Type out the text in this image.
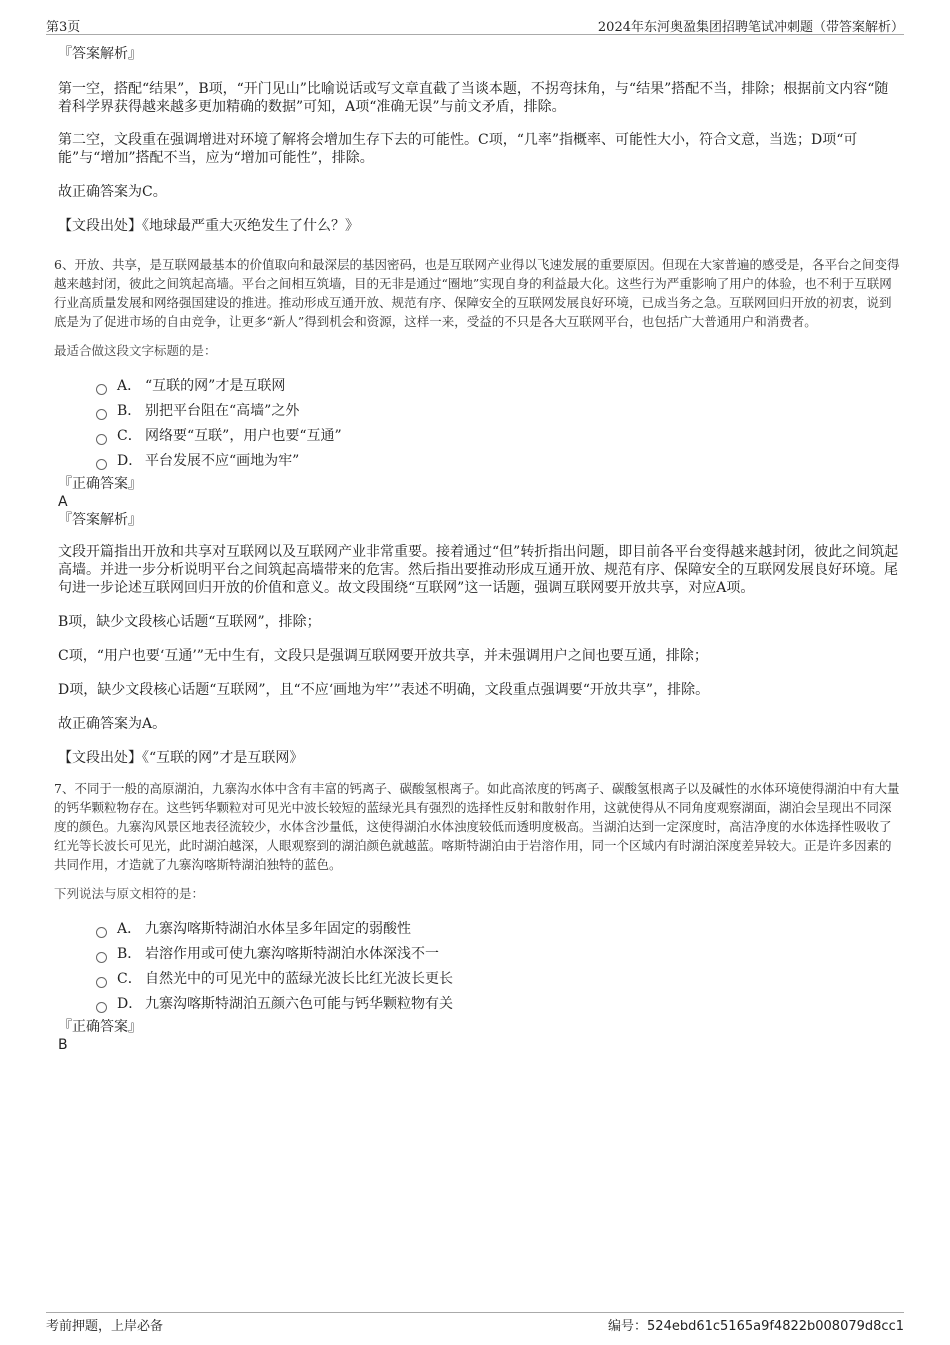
第3页	2024年东河奥盈集团招聘笔试冲刺题（带答案解析）
『答案解析』

第一空，搭配“结果”，B项，“开门见山”比喻说话或写文章直截了当谈本题，不拐弯抹角，与“结果”搭配不当，排除；根据前文内容“随着科学界获得越来越多更加精确的数据”可知，A项“准确无误”与前文矛盾，排除。

第二空，文段重在强调增进对环境了解将会增加生存下去的可能性。C项，“几率”指概率、可能性大小，符合文意，当选；D项“可能”与“增加”搭配不当，应为“增加可能性”，排除。

故正确答案为C。

【文段出处】《地球最严重大灭绝发生了什么？》

6、开放、共享，是互联网最基本的价值取向和最深层的基因密码，也是互联网产业得以飞速发展的重要原因。但现在大家普遍的感受是，各平台之间变得越来越封闭，彼此之间筑起高墙。平台之间相互筑墙，目的无非是通过“圈地”实现自身的利益最大化。这些行为严重影响了用户的体验，也不利于互联网行业高质量发展和网络强国建设的推进。推动形成互通开放、规范有序、保障安全的互联网发展良好环境，已成当务之急。互联网回归开放的初衷，说到底是为了促进市场的自由竞争，让更多“新人”得到机会和资源，这样一来，受益的不只是各大互联网平台，也包括广大普通用户和消费者。

最适合做这段文字标题的是：

A． “互联的网”才是互联网
B． 别把平台阻在“高墙”之外
C． 网络要“互联”，用户也要“互通”
D． 平台发展不应“画地为牢”
『正确答案』
A
『答案解析』

文段开篇指出开放和共享对互联网以及互联网产业非常重要。接着通过“但”转折指出问题，即目前各平台变得越来越封闭，彼此之间筑起高墙。并进一步分析说明平台之间筑起高墙带来的危害。然后指出要推动形成互通开放、规范有序、保障安全的互联网发展良好环境。尾句进一步论述互联网回归开放的价值和意义。故文段围绕“互联网”这一话题，强调互联网要开放共享，对应A项。

B项，缺少文段核心话题“互联网”，排除；

C项，“用户也要‘互通’”无中生有，文段只是强调互联网要开放共享，并未强调用户之间也要互通，排除；

D项，缺少文段核心话题“互联网”，且“不应‘画地为牢’”表述不明确，文段重点强调要“开放共享”，排除。

故正确答案为A。

【文段出处】《“互联的网”才是互联网》

7、不同于一般的高原湖泊，九寨沟水体中含有丰富的钙离子、碳酸氢根离子。如此高浓度的钙离子、碳酸氢根离子以及碱性的水体环境使得湖泊中有大量的钙华颗粒物存在。这些钙华颗粒对可见光中波长较短的蓝绿光具有强烈的选择性反射和散射作用，这就使得从不同角度观察湖面，湖泊会呈现出不同深度的颜色。九寨沟风景区地表径流较少，水体含沙量低，这使得湖泊水体浊度较低而透明度极高。当湖泊达到一定深度时，高洁净度的水体选择性吸收了红光等长波长可见光，此时湖泊越深，人眼观察到的湖泊颜色就越蓝。喀斯特湖泊由于岩溶作用，同一个区域内有时湖泊深度差异较大。正是许多因素的共同作用，才造就了九寨沟喀斯特湖泊独特的蓝色。

下列说法与原文相符的是：

A． 九寨沟喀斯特湖泊水体呈多年固定的弱酸性
B． 岩溶作用或可使九寨沟喀斯特湖泊水体深浅不一
C． 自然光中的可见光中的蓝绿光波长比红光波长更长
D． 九寨沟喀斯特湖泊五颜六色可能与钙华颗粒物有关
『正确答案』
B
考前押题，上岸必备	编号：524ebd61c5165a9f4822b008079d8cc1
